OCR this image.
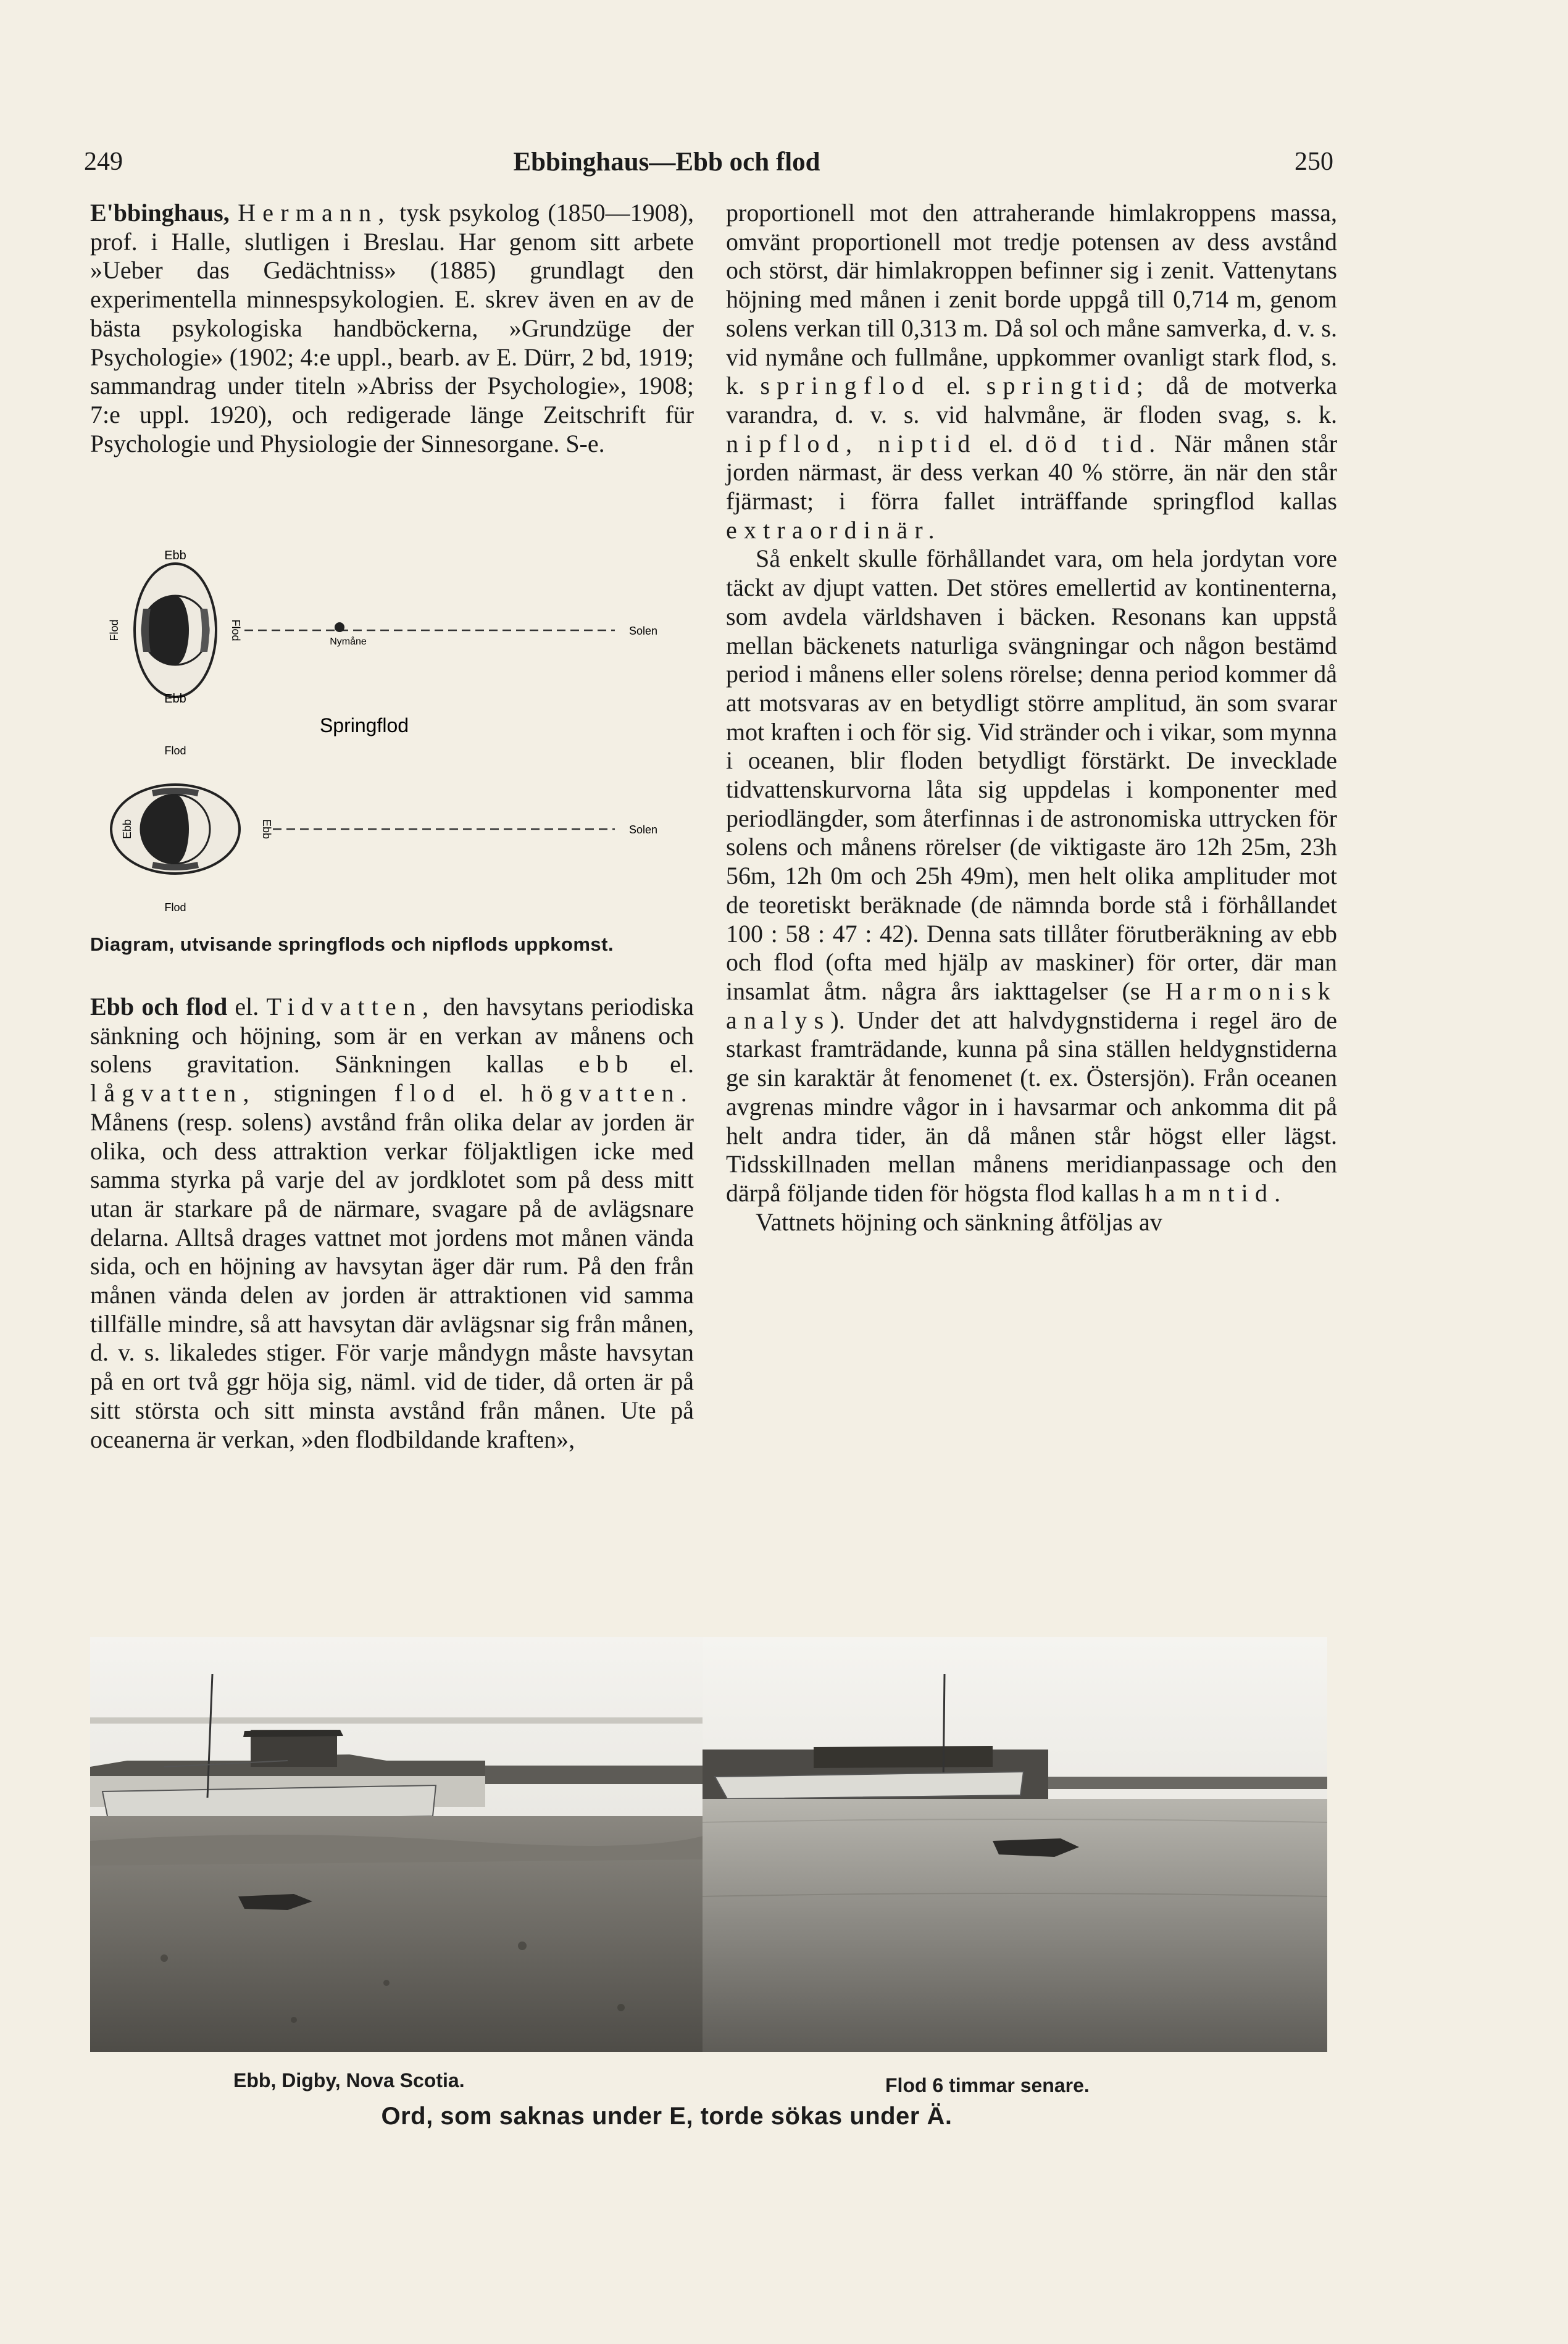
249	Ebbinghaus—Ebb och flod	250

E'bbinghaus, Hermann, tysk psykolog (1850—1908), prof. i Halle, slutligen i Breslau. Har genom sitt arbete »Ueber das Gedächtniss» (1885) grundlagt den experimentella minnespsykologien. E. skrev även en av de bästa psykologiska handböckerna, »Grundzüge der Psychologie» (1902; 4:e uppl., bearb. av E. Dürr, 2 bd, 1919; sammandrag under titeln »Abriss der Psychologie», 1908; 7:e uppl. 1920), och redigerade länge Zeitschrift für Psychologie und Physiologie der Sinnesorgane. S-e.

Ebb
Ebb
Flod	Flod
Nymåne
Solen
Springflod
Flod
Flod
Ebb	Ebb	Solen
Diagram, utvisande springflods och nipflods uppkomst.

Ebb och flod el. Tidvatten, den havsytans periodiska sänkning och höjning, som är en verkan av månens och solens gravitation. Sänkningen kallas ebb el. lågvatten, stigningen flod el. högvatten. Månens (resp. solens) avstånd från olika delar av jorden är olika, och dess attraktion verkar följaktligen icke med samma styrka på varje del av jordklotet som på dess mitt utan är starkare på de närmare, svagare på de avlägsnare delarna. Alltså drages vattnet mot jordens mot månen vända sida, och en höjning av havsytan äger där rum. På den från månen vända delen av jorden är attraktionen vid samma tillfälle mindre, så att havsytan där avlägsnar sig från månen, d. v. s. likaledes stiger. För varje måndygn måste havsytan på en ort två ggr höja sig, näml. vid de tider, då orten är på sitt största och sitt minsta avstånd från månen. Ute på oceanerna är verkan, »den flodbildande kraften»,

proportionell mot den attraherande himlakroppens massa, omvänt proportionell mot tredje potensen av dess avstånd och störst, där himlakroppen befinner sig i zenit. Vattenytans höjning med månen i zenit borde uppgå till 0,714 m, genom solens verkan till 0,313 m. Då sol och måne samverka, d. v. s. vid nymåne och fullmåne, uppkommer ovanligt stark flod, s. k. springflod el. springtid; då de motverka varandra, d. v. s. vid halvmåne, är floden svag, s. k. nipflod, niptid el. död tid. När månen står jorden närmast, är dess verkan 40 % större, än när den står fjärmast; i förra fallet inträffande springflod kallas extraordinär.

Så enkelt skulle förhållandet vara, om hela jordytan vore täckt av djupt vatten. Det störes emellertid av kontinenterna, som avdela världshaven i bäcken. Resonans kan uppstå mellan bäckenets naturliga svängningar och någon bestämd period i månens eller solens rörelse; denna period kommer då att motsvaras av en betydligt större amplitud, än som svarar mot kraften i och för sig. Vid stränder och i vikar, som mynna i oceanen, blir floden betydligt förstärkt. De invecklade tidvattenskurvorna låta sig uppdelas i komponenter med periodlängder, som återfinnas i de astronomiska uttrycken för solens och månens rörelser (de viktigaste äro 12h 25m, 23h 56m, 12h 0m och 25h 49m), men helt olika amplituder mot de teoretiskt beräknade (de nämnda borde stå i förhållandet 100 : 58 : 47 : 42). Denna sats tillåter förutberäkning av ebb och flod (ofta med hjälp av maskiner) för orter, där man insamlat åtm. några års iakttagelser (se Harmonisk analys). Under det att halvdygnstiderna i regel äro de starkast framträdande, kunna på sina ställen heldygnstiderna ge sin karaktär åt fenomenet (t. ex. Östersjön). Från oceanen avgrenas mindre vågor in i havsarmar och ankomma dit på helt andra tider, än då månen står högst eller lägst. Tidsskillnaden mellan månens meridianpassage och den därpå följande tiden för högsta flod kallas hamntid.

Vattnets höjning och sänkning åtföljas av

Ebb, Digby, Nova Scotia.	Flod 6 timmar senare.
Ord, som saknas under E, torde sökas under Ä.
